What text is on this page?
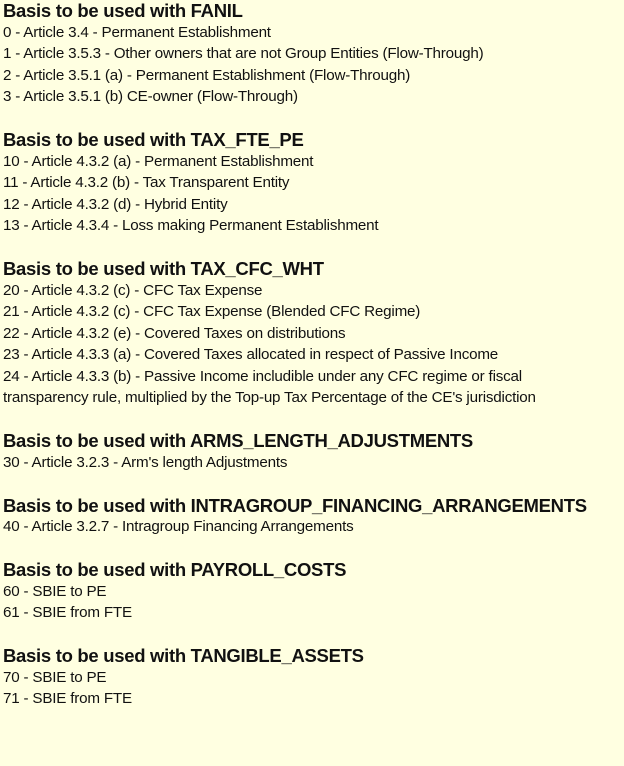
Basis to be used with FANIL
0 - Article 3.4 - Permanent Establishment
1 - Article 3.5.3 - Other owners that are not Group Entities (Flow-Through)
2 - Article 3.5.1 (a) - Permanent Establishment (Flow-Through)
3 - Article 3.5.1 (b) CE-owner (Flow-Through)
Basis to be used with TAX_FTE_PE
10 - Article 4.3.2 (a) - Permanent Establishment
11 - Article 4.3.2 (b) - Tax Transparent Entity
12 - Article 4.3.2 (d) - Hybrid Entity
13 - Article 4.3.4 - Loss making Permanent Establishment
Basis to be used with TAX_CFC_WHT
20 - Article 4.3.2 (c) - CFC Tax Expense
21 - Article 4.3.2 (c) - CFC Tax Expense (Blended CFC Regime)
22 - Article 4.3.2 (e) - Covered Taxes on distributions
23 - Article 4.3.3 (a) - Covered Taxes allocated in respect of Passive Income
24 - Article 4.3.3 (b) - Passive Income includible under any CFC regime or fiscal transparency rule, multiplied by the Top-up Tax Percentage of the CE's jurisdiction
Basis to be used with ARMS_LENGTH_ADJUSTMENTS
30 - Article 3.2.3 - Arm's length Adjustments
Basis to be used with INTRAGROUP_FINANCING_ARRANGEMENTS
40 - Article 3.2.7 - Intragroup Financing Arrangements
Basis to be used with PAYROLL_COSTS
60 - SBIE to PE
61 - SBIE from FTE
Basis to be used with TANGIBLE_ASSETS
70 - SBIE to PE
71 - SBIE from FTE
